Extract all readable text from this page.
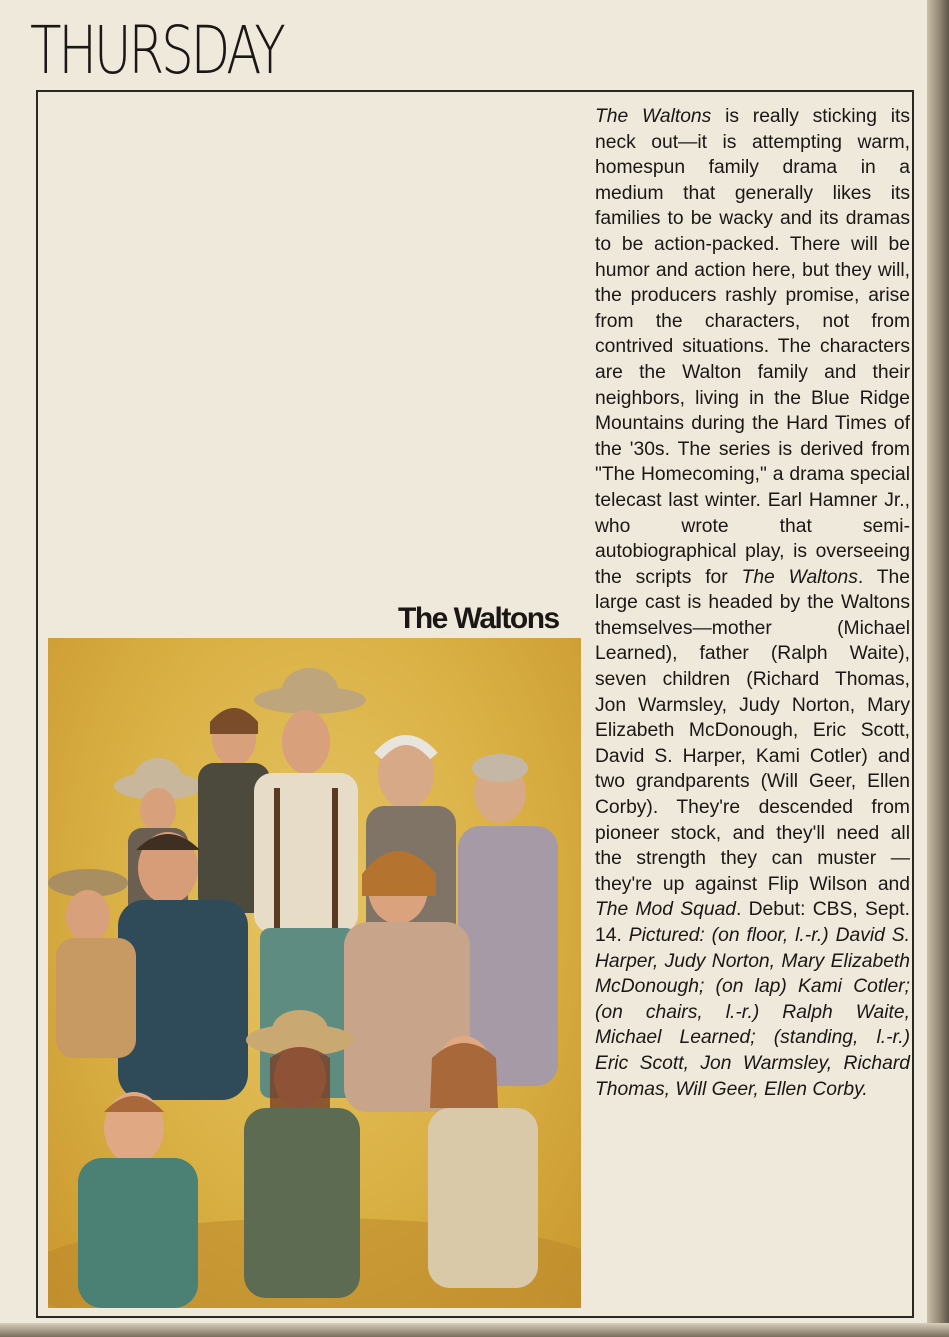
THURSDAY

The Waltons is really sticking its neck out—it is attempting warm, homespun family drama in a medium that generally likes its families to be wacky and its dramas to be action-packed. There will be humor and action here, but they will, the producers rashly promise, arise from the characters, not from contrived situations. The characters are the Walton family and their neighbors, living in the Blue Ridge Mountains during the Hard Times of the '30s. The series is derived from "The Homecoming," a drama special telecast last winter. Earl Hamner Jr., who wrote that semi-autobiographical play, is overseeing the scripts for The Waltons. The large cast is headed by the Waltons themselves—mother (Michael Learned), father (Ralph Waite), seven children (Richard Thomas, Jon Warmsley, Judy Norton, Mary Elizabeth McDonough, Eric Scott, David S. Harper, Kami Cotler) and two grandparents (Will Geer, Ellen Corby). They're descended from pioneer stock, and they'll need all the strength they can muster — they're up against Flip Wilson and The Mod Squad. Debut: CBS, Sept. 14. Pictured: (on floor, l.-r.) David S. Harper, Judy Norton, Mary Elizabeth McDonough; (on lap) Kami Cotler; (on chairs, l.-r.) Ralph Waite, Michael Learned; (standing, l.-r.) Eric Scott, Jon Warmsley, Richard Thomas, Will Geer, Ellen Corby.

The Waltons
